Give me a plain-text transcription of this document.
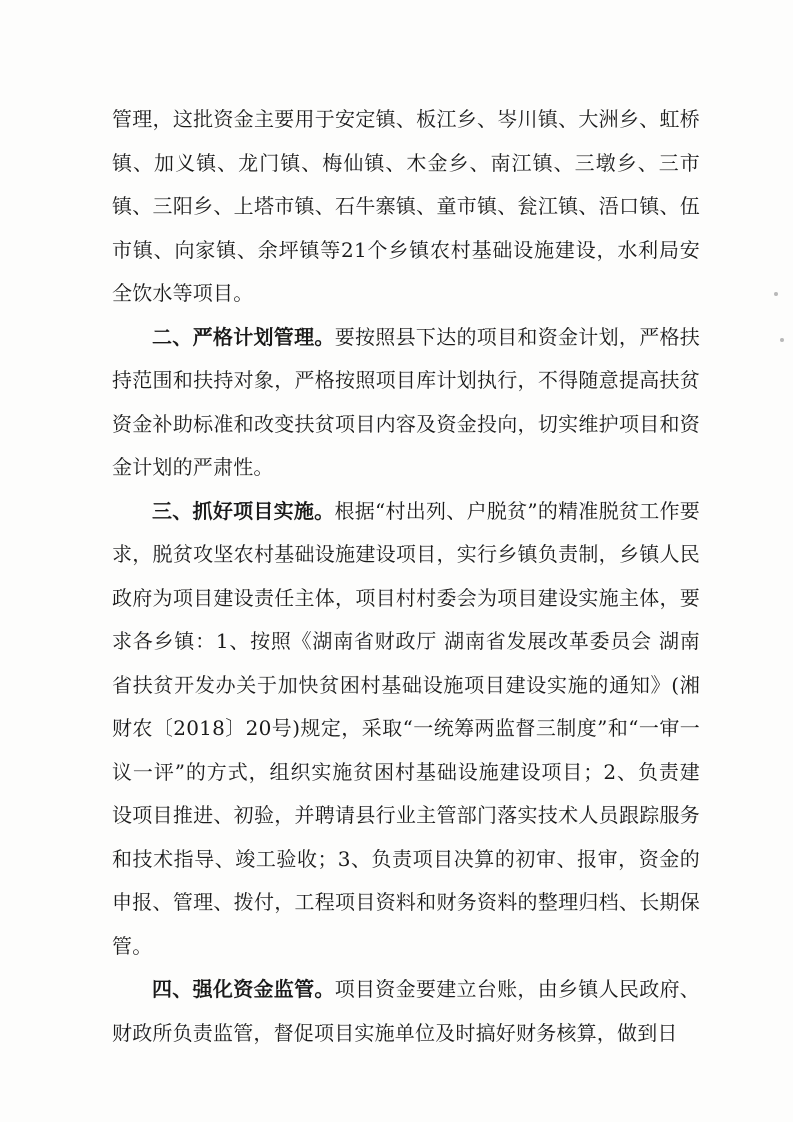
管理，这批资金主要用于安定镇、板江乡、岑川镇、大洲乡、虹桥镇、加义镇、龙门镇、梅仙镇、木金乡、南江镇、三墩乡、三市镇、三阳乡、上塔市镇、石牛寨镇、童市镇、瓮江镇、浯口镇、伍市镇、向家镇、余坪镇等21个乡镇农村基础设施建设，水利局安全饮水等项目。

二、严格计划管理。要按照县下达的项目和资金计划，严格扶持范围和扶持对象，严格按照项目库计划执行，不得随意提高扶贫资金补助标准和改变扶贫项目内容及资金投向，切实维护项目和资金计划的严肃性。

三、抓好项目实施。根据“村出列、户脱贫”的精准脱贫工作要求，脱贫攻坚农村基础设施建设项目，实行乡镇负责制，乡镇人民政府为项目建设责任主体，项目村村委会为项目建设实施主体，要求各乡镇：1、按照《湖南省财政厅 湖南省发展改革委员会 湖南省扶贫开发办关于加快贫困村基础设施项目建设实施的通知》(湘财农〔2018〕20号)规定，采取“一统筹两监督三制度”和“一审一议一评”的方式，组织实施贫困村基础设施建设项目；2、负责建设项目推进、初验，并聘请县行业主管部门落实技术人员跟踪服务和技术指导、竣工验收；3、负责项目决算的初审、报审，资金的申报、管理、拨付，工程项目资料和财务资料的整理归档、长期保管。

四、强化资金监管。项目资金要建立台账，由乡镇人民政府、财政所负责监管，督促项目实施单位及时搞好财务核算，做到日
